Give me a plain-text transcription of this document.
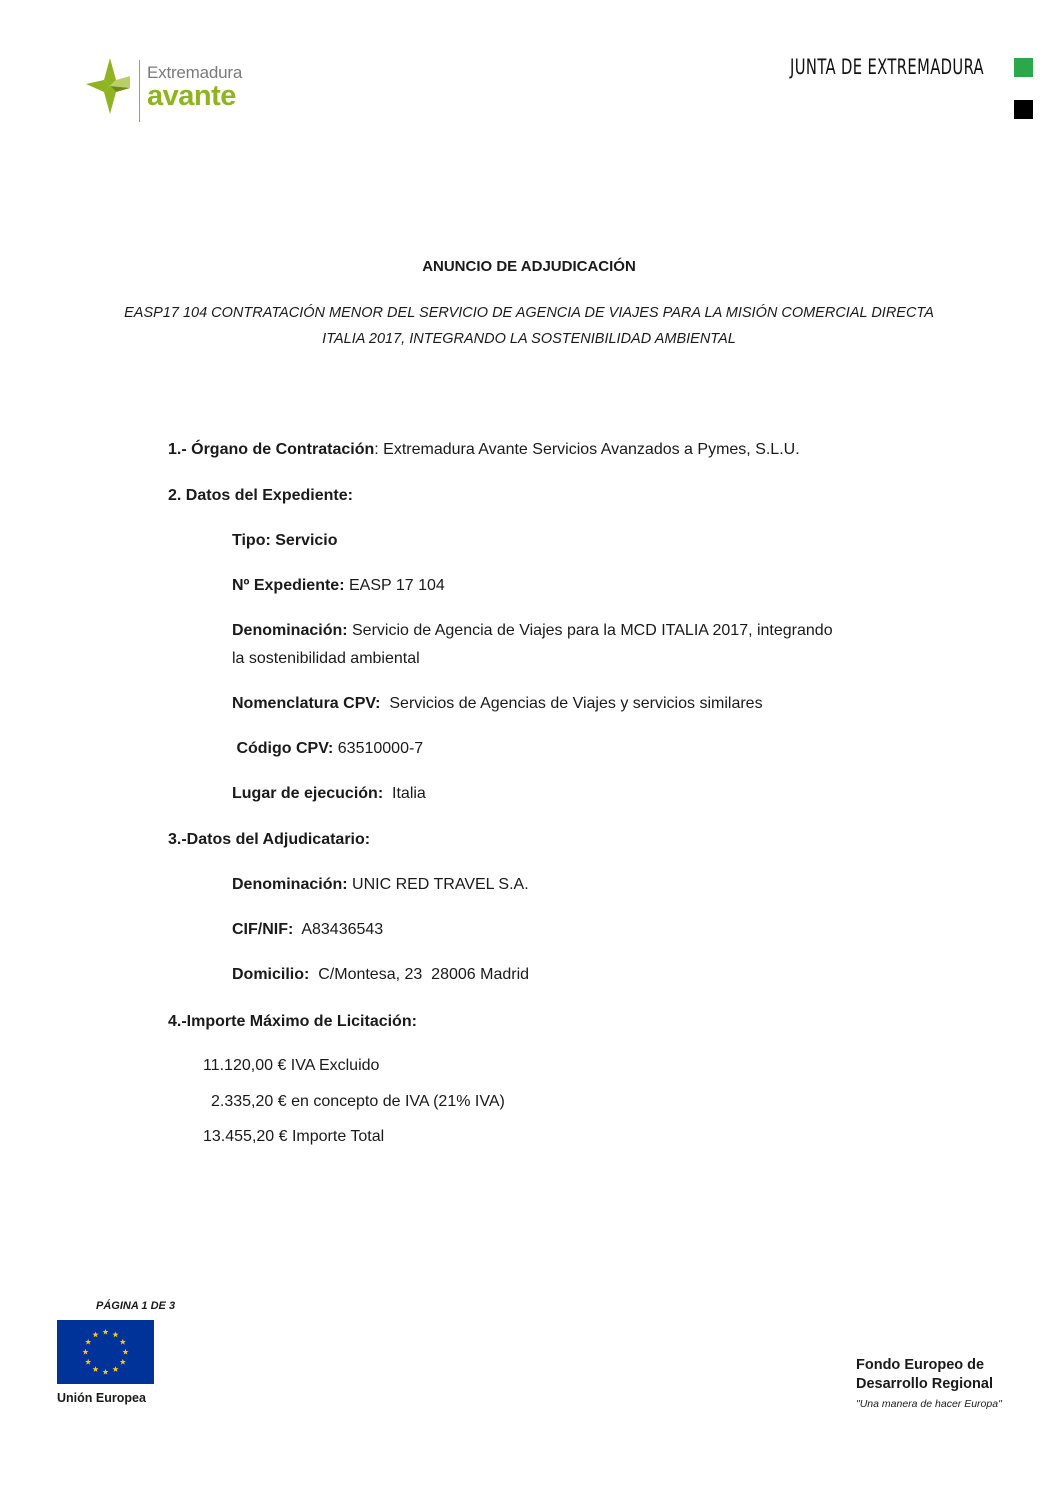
Extremadura
avante
JUNTA DE EXTREMADURA
ANUNCIO DE ADJUDICACIÓN
EASP17 104 CONTRATACIÓN MENOR DEL SERVICIO DE AGENCIA DE VIAJES PARA LA MISIÓN COMERCIAL DIRECTA
ITALIA 2017, INTEGRANDO LA SOSTENIBILIDAD AMBIENTAL
1.- Órgano de Contratación: Extremadura Avante Servicios Avanzados a Pymes, S.L.U.
2. Datos del Expediente:
Tipo: Servicio
Nº Expediente: EASP 17 104
Denominación: Servicio de Agencia de Viajes para la MCD ITALIA 2017, integrando
la sostenibilidad ambiental
Nomenclatura CPV:  Servicios de Agencias de Viajes y servicios similares
Código CPV: 63510000-7
Lugar de ejecución:  Italia
3.-Datos del Adjudicatario:
Denominación: UNIC RED TRAVEL S.A.
CIF/NIF:  A83436543
Domicilio:  C/Montesa, 23  28006 Madrid
4.-Importe Máximo de Licitación:
11.120,00 € IVA Excluido
2.335,20 € en concepto de IVA (21% IVA)
13.455,20 € Importe Total
PÁGINA 1 DE 3
Unión Europea
Fondo Europeo de
Desarrollo Regional
"Una manera de hacer Europa"
